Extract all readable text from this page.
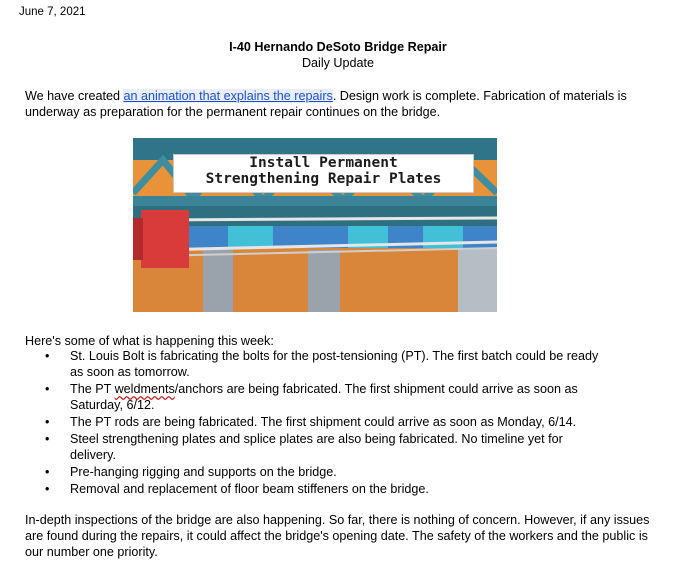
June 7, 2021
I-40 Hernando DeSoto Bridge Repair
Daily Update
We have created an animation that explains the repairs. Design work is complete. Fabrication of materials is underway as preparation for the permanent repair continues on the bridge.
Install Permanent
Strengthening Repair Plates
Here's some of what is happening this week:
• St. Louis Bolt is fabricating the bolts for the post-tensioning (PT). The first batch could be ready as soon as tomorrow.
• The PT weldments/anchors are being fabricated. The first shipment could arrive as soon as Saturday, 6/12.
• The PT rods are being fabricated. The first shipment could arrive as soon as Monday, 6/14.
• Steel strengthening plates and splice plates are also being fabricated. No timeline yet for delivery.
• Pre-hanging rigging and supports on the bridge.
• Removal and replacement of floor beam stiffeners on the bridge.
In-depth inspections of the bridge are also happening. So far, there is nothing of concern. However, if any issues are found during the repairs, it could affect the bridge's opening date. The safety of the workers and the public is our number one priority.
